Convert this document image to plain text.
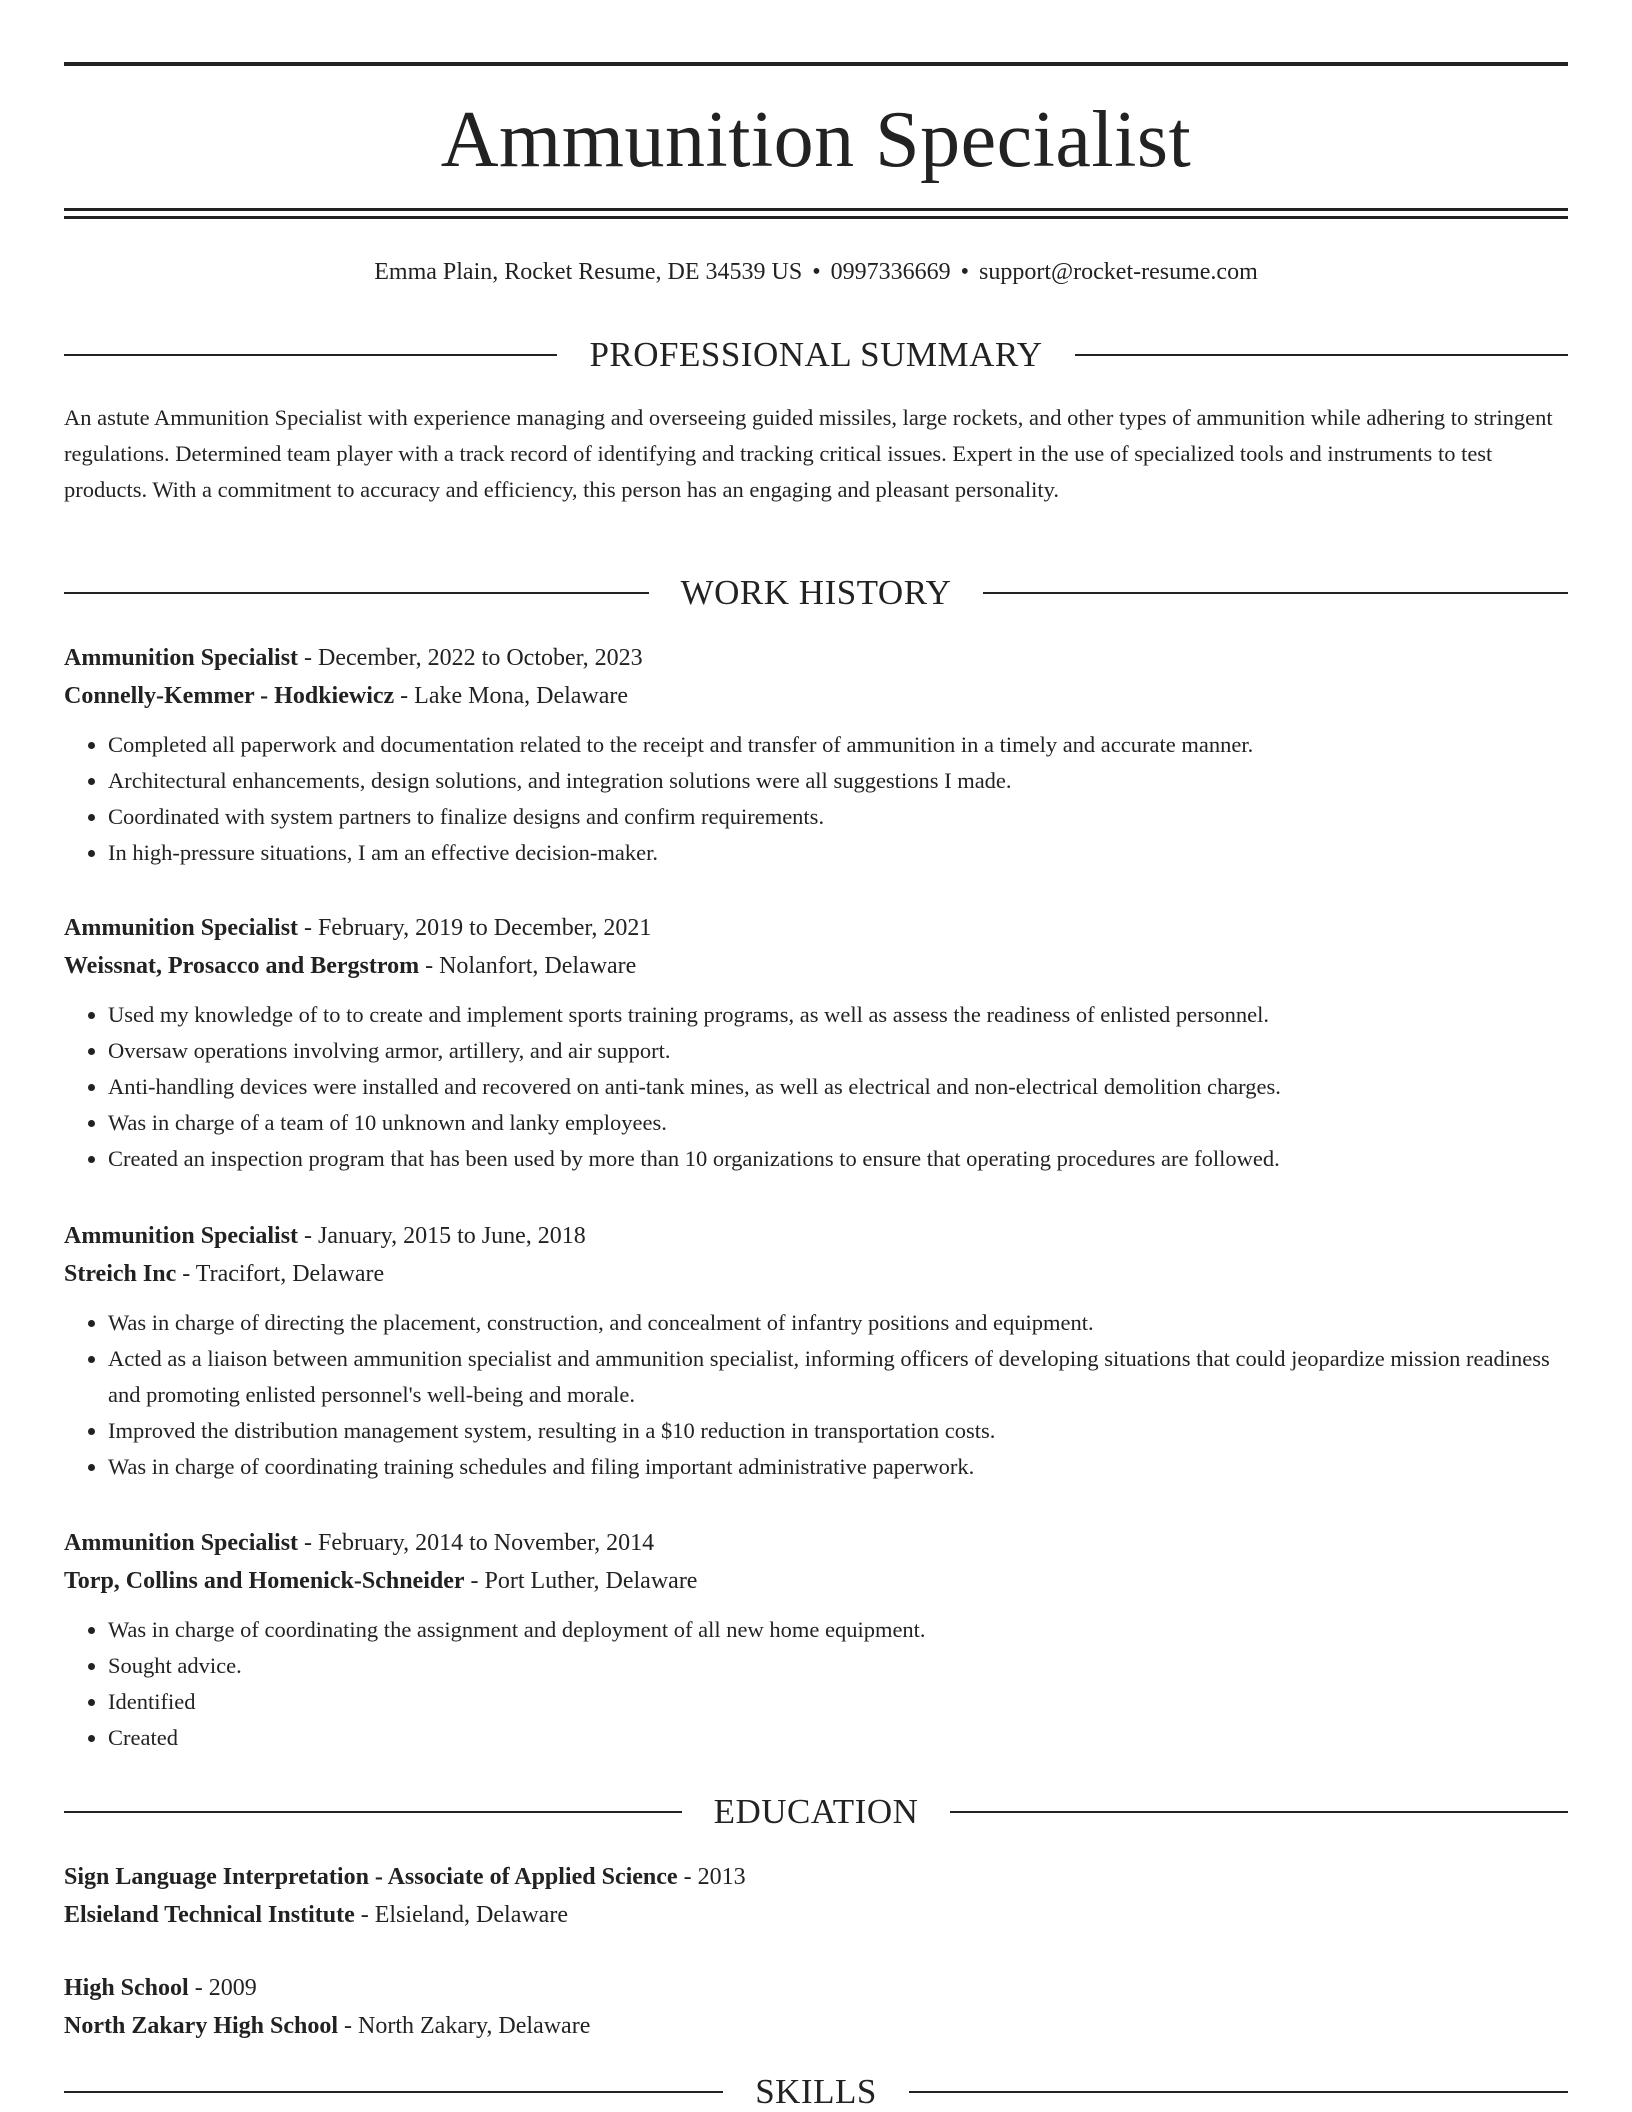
Ammunition Specialist
Emma Plain, Rocket Resume, DE 34539 US • 0997336669 • support@rocket-resume.com
PROFESSIONAL SUMMARY

An astute Ammunition Specialist with experience managing and overseeing guided missiles, large rockets, and other types of ammunition while adhering to stringent regulations. Determined team player with a track record of identifying and tracking critical issues. Expert in the use of specialized tools and instruments to test products. With a commitment to accuracy and efficiency, this person has an engaging and pleasant personality.

WORK HISTORY
Ammunition Specialist - December, 2022 to October, 2023
Connelly-Kemmer - Hodkiewicz - Lake Mona, Delaware
• Completed all paperwork and documentation related to the receipt and transfer of ammunition in a timely and accurate manner.
• Architectural enhancements, design solutions, and integration solutions were all suggestions I made.
• Coordinated with system partners to finalize designs and confirm requirements.
• In high-pressure situations, I am an effective decision-maker.
Ammunition Specialist - February, 2019 to December, 2021
Weissnat, Prosacco and Bergstrom - Nolanfort, Delaware
• Used my knowledge of to to create and implement sports training programs, as well as assess the readiness of enlisted personnel.
• Oversaw operations involving armor, artillery, and air support.
• Anti-handling devices were installed and recovered on anti-tank mines, as well as electrical and non-electrical demolition charges.
• Was in charge of a team of 10 unknown and lanky employees.
• Created an inspection program that has been used by more than 10 organizations to ensure that operating procedures are followed.
Ammunition Specialist - January, 2015 to June, 2018
Streich Inc - Tracifort, Delaware
• Was in charge of directing the placement, construction, and concealment of infantry positions and equipment.
• Acted as a liaison between ammunition specialist and ammunition specialist, informing officers of developing situations that could jeopardize mission readiness and promoting enlisted personnel's well-being and morale.
• Improved the distribution management system, resulting in a $10 reduction in transportation costs.
• Was in charge of coordinating training schedules and filing important administrative paperwork.
Ammunition Specialist - February, 2014 to November, 2014
Torp, Collins and Homenick-Schneider - Port Luther, Delaware
• Was in charge of coordinating the assignment and deployment of all new home equipment.
• Sought advice.
• Identified
• Created
EDUCATION
Sign Language Interpretation - Associate of Applied Science - 2013
Elsieland Technical Institute - Elsieland, Delaware
High School - 2009
North Zakary High School - North Zakary, Delaware
SKILLS
